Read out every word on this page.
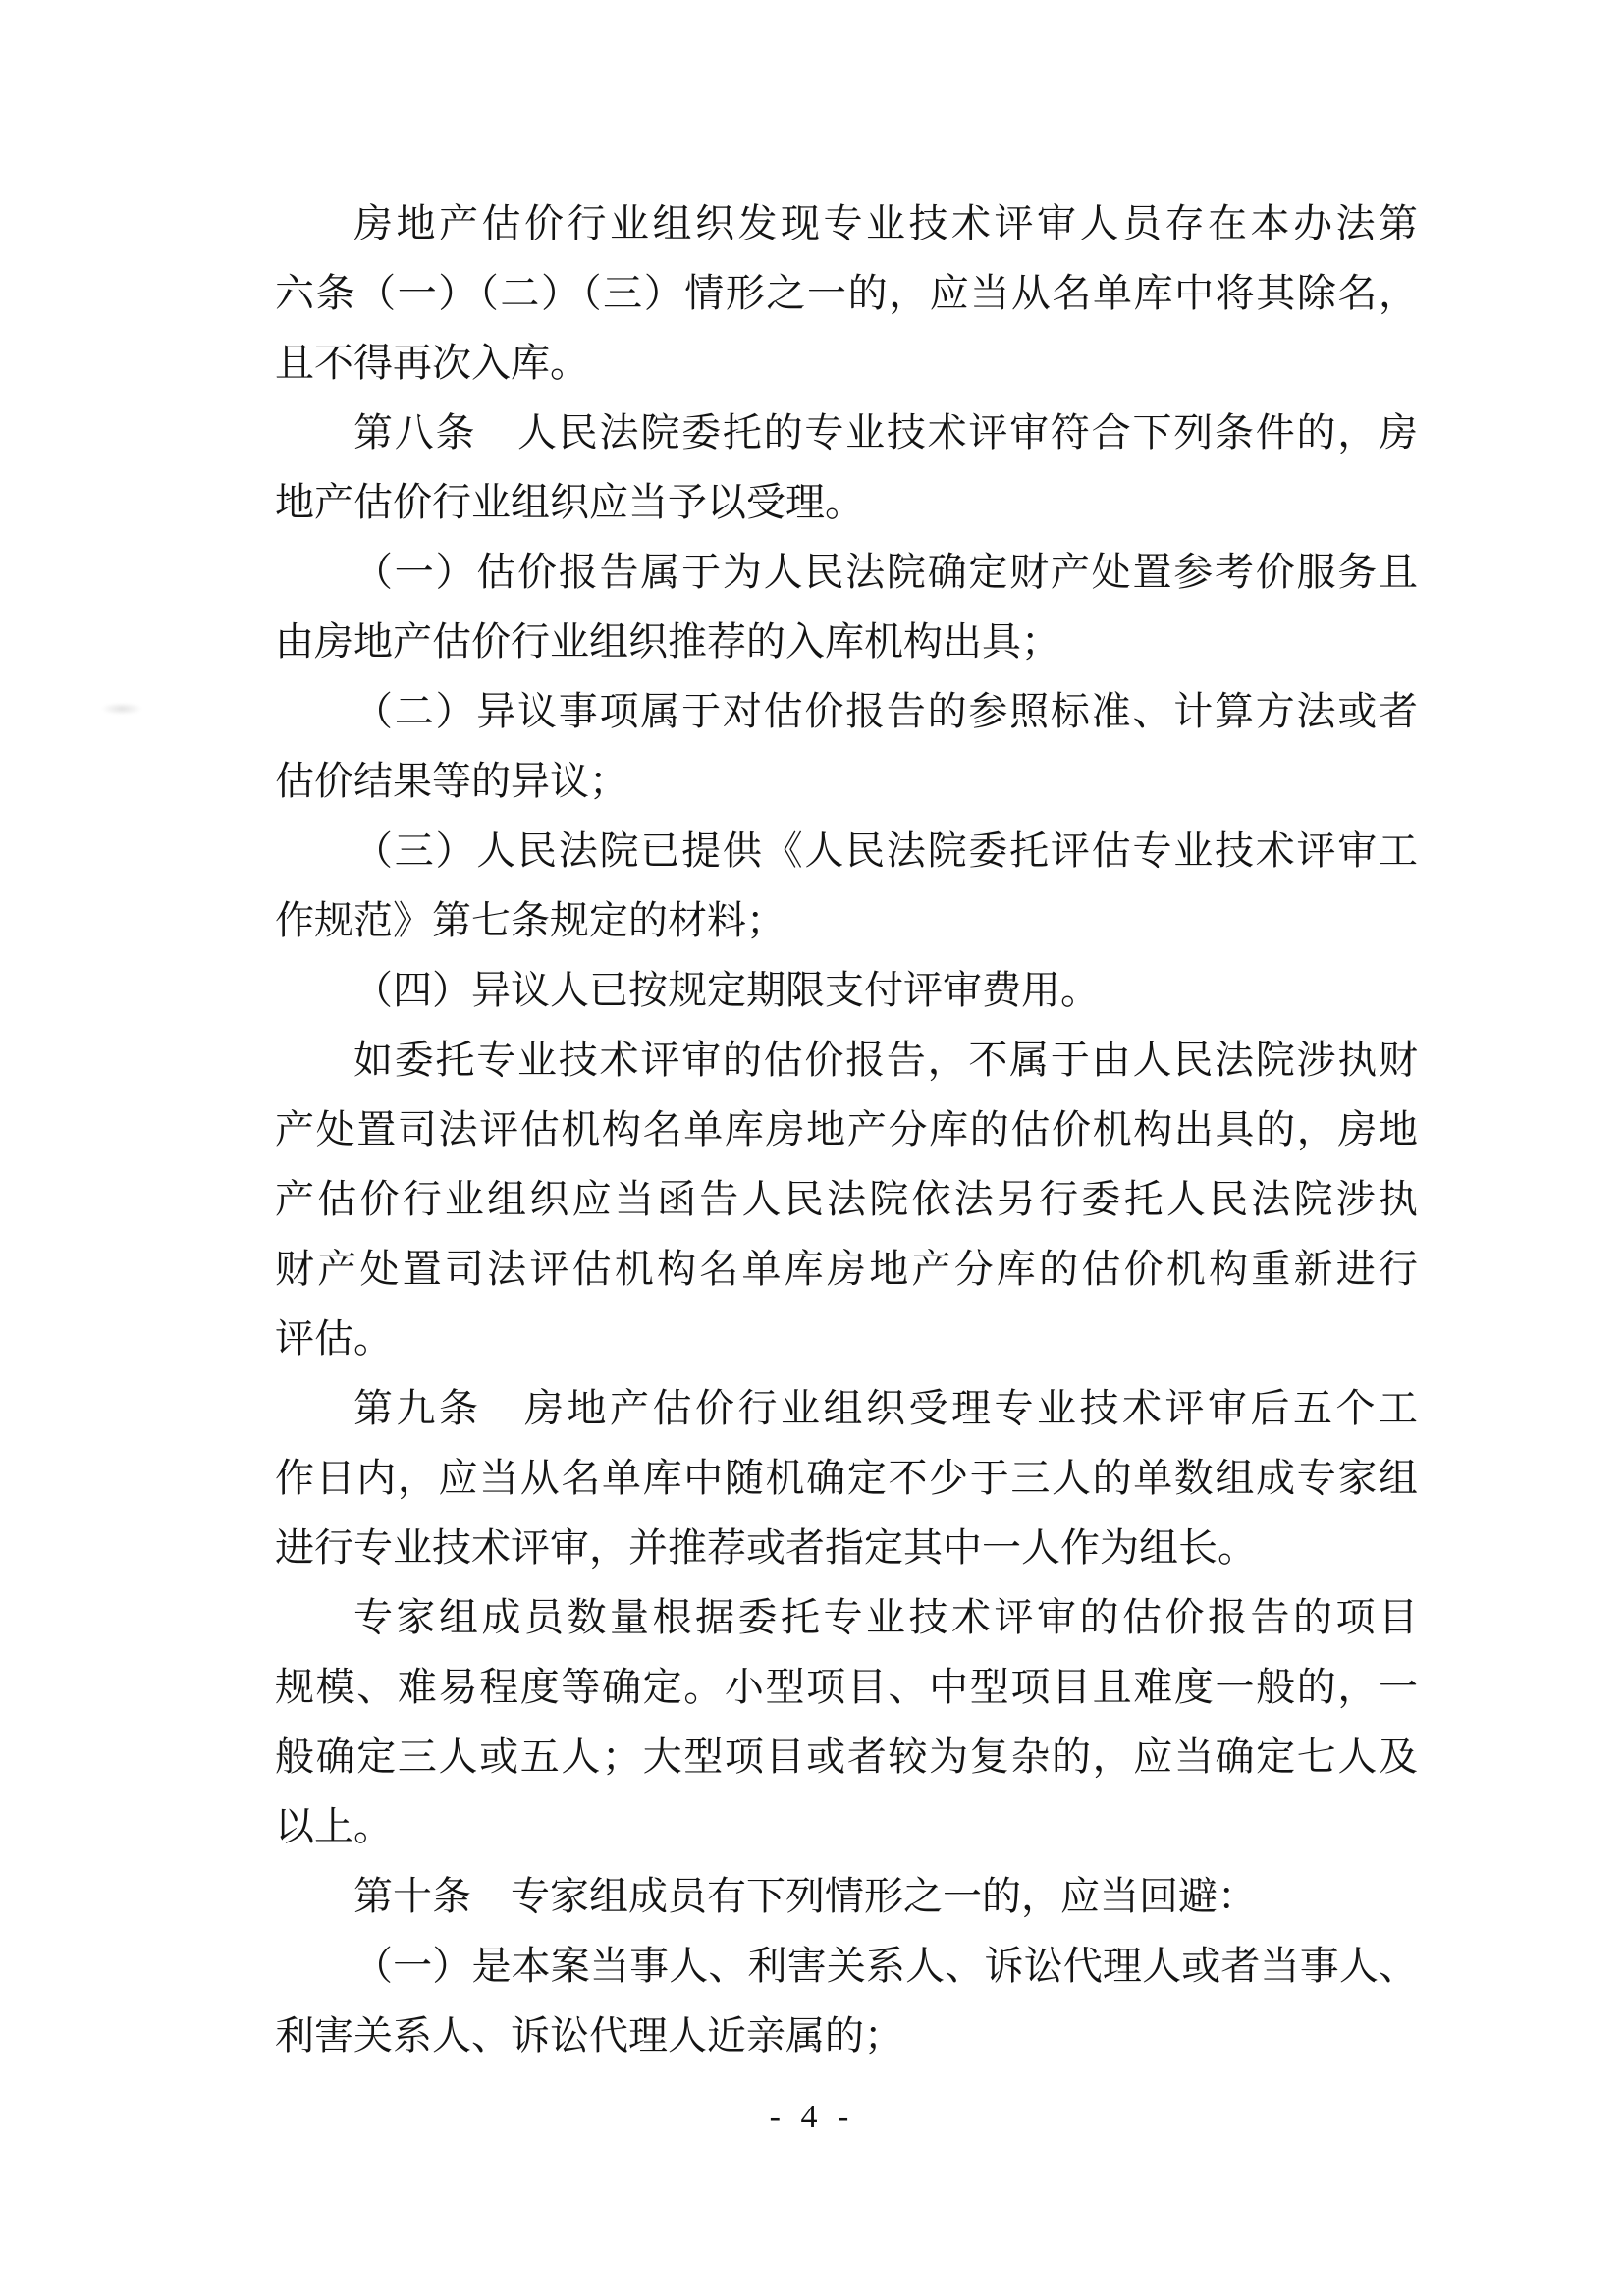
房地产估价行业组织发现专业技术评审人员存在本办法第
六条（一）（二）（三）情形之一的，应当从名单库中将其除名，
且不得再次入库。
第八条　人民法院委托的专业技术评审符合下列条件的，房
地产估价行业组织应当予以受理。
（一）估价报告属于为人民法院确定财产处置参考价服务且
由房地产估价行业组织推荐的入库机构出具；
（二）异议事项属于对估价报告的参照标准、计算方法或者
估价结果等的异议；
（三）人民法院已提供《人民法院委托评估专业技术评审工
作规范》第七条规定的材料；
（四）异议人已按规定期限支付评审费用。
如委托专业技术评审的估价报告，不属于由人民法院涉执财
产处置司法评估机构名单库房地产分库的估价机构出具的，房地
产估价行业组织应当函告人民法院依法另行委托人民法院涉执
财产处置司法评估机构名单库房地产分库的估价机构重新进行
评估。
第九条　房地产估价行业组织受理专业技术评审后五个工
作日内，应当从名单库中随机确定不少于三人的单数组成专家组
进行专业技术评审，并推荐或者指定其中一人作为组长。
专家组成员数量根据委托专业技术评审的估价报告的项目
规模、难易程度等确定。小型项目、中型项目且难度一般的，一
般确定三人或五人；大型项目或者较为复杂的，应当确定七人及
以上。
第十条　专家组成员有下列情形之一的，应当回避：
（一）是本案当事人、利害关系人、诉讼代理人或者当事人、
利害关系人、诉讼代理人近亲属的；
- 4 -
